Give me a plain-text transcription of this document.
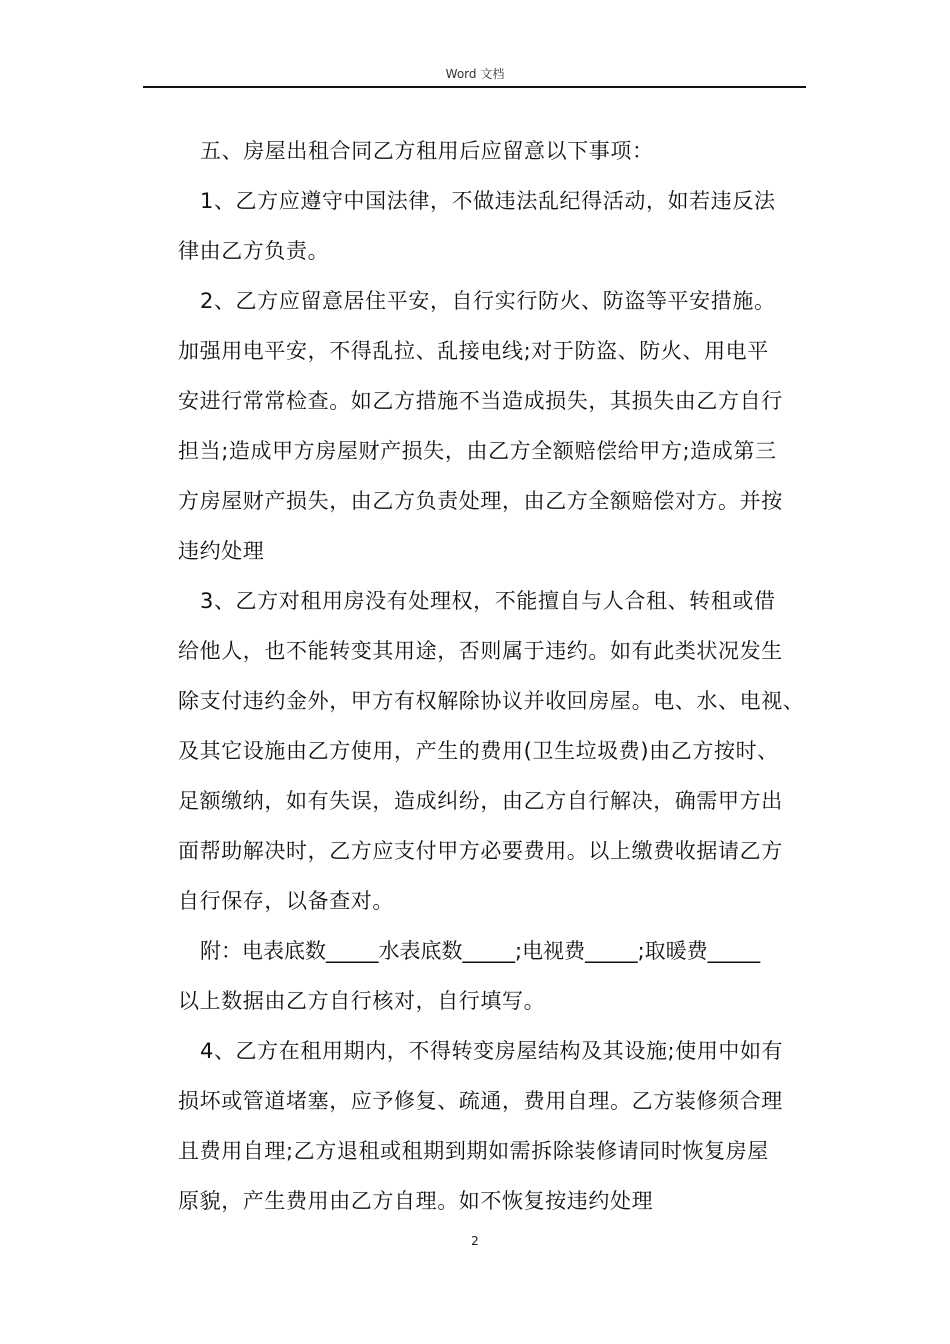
Word 文档
五、房屋出租合同乙方租用后应留意以下事项：
1、乙方应遵守中国法律，不做违法乱纪得活动，如若违反法
律由乙方负责。
2、乙方应留意居住平安，自行实行防火、防盗等平安措施。
加强用电平安，不得乱拉、乱接电线;对于防盗、防火、用电平
安进行常常检查。如乙方措施不当造成损失，其损失由乙方自行
担当;造成甲方房屋财产损失，由乙方全额赔偿给甲方;造成第三
方房屋财产损失，由乙方负责处理，由乙方全额赔偿对方。并按
违约处理
3、乙方对租用房没有处理权，不能擅自与人合租、转租或借
给他人，也不能转变其用途，否则属于违约。如有此类状况发生
除支付违约金外，甲方有权解除协议并收回房屋。电、水、电视、
及其它设施由乙方使用，产生的费用(卫生垃圾费)由乙方按时、
足额缴纳，如有失误，造成纠纷，由乙方自行解决，确需甲方出
面帮助解决时，乙方应支付甲方必要费用。以上缴费收据请乙方
自行保存，以备查对。
附：电表底数_____水表底数_____;电视费_____;取暖费_____
以上数据由乙方自行核对，自行填写。
4、乙方在租用期内，不得转变房屋结构及其设施;使用中如有
损坏或管道堵塞，应予修复、疏通，费用自理。乙方装修须合理
且费用自理;乙方退租或租期到期如需拆除装修请同时恢复房屋
原貌，产生费用由乙方自理。如不恢复按违约处理
2
